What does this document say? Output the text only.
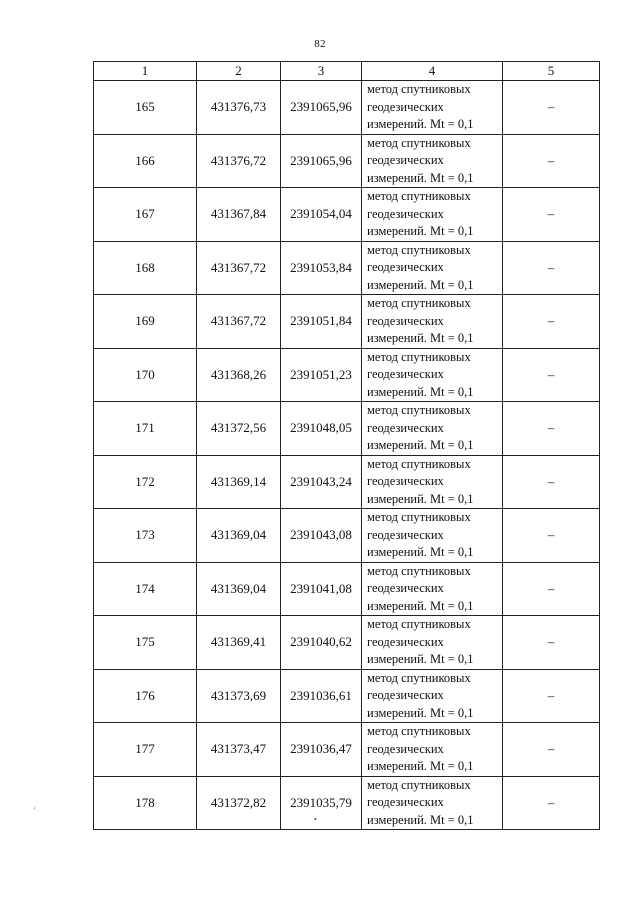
82
1	2	3	4	5
165	431376,73	2391065,96	метод спутниковых
геодезических
измерений. Mt = 0,1	–
166	431376,72	2391065,96	метод спутниковых
геодезических
измерений. Mt = 0,1	–
167	431367,84	2391054,04	метод спутниковых
геодезических
измерений. Mt = 0,1	–
168	431367,72	2391053,84	метод спутниковых
геодезических
измерений. Mt = 0,1	–
169	431367,72	2391051,84	метод спутниковых
геодезических
измерений. Mt = 0,1	–
170	431368,26	2391051,23	метод спутниковых
геодезических
измерений. Mt = 0,1	–
171	431372,56	2391048,05	метод спутниковых
геодезических
измерений. Mt = 0,1	–
172	431369,14	2391043,24	метод спутниковых
геодезических
измерений. Mt = 0,1	–
173	431369,04	2391043,08	метод спутниковых
геодезических
измерений. Mt = 0,1	–
174	431369,04	2391041,08	метод спутниковых
геодезических
измерений. Mt = 0,1	–
175	431369,41	2391040,62	метод спутниковых
геодезических
измерений. Mt = 0,1	–
176	431373,69	2391036,61	метод спутниковых
геодезических
измерений. Mt = 0,1	–
177	431373,47	2391036,47	метод спутниковых
геодезических
измерений. Mt = 0,1	–
178	431372,82	2391035,79	метод спутниковых
геодезических
измерений. Mt = 0,1	–
'
•
